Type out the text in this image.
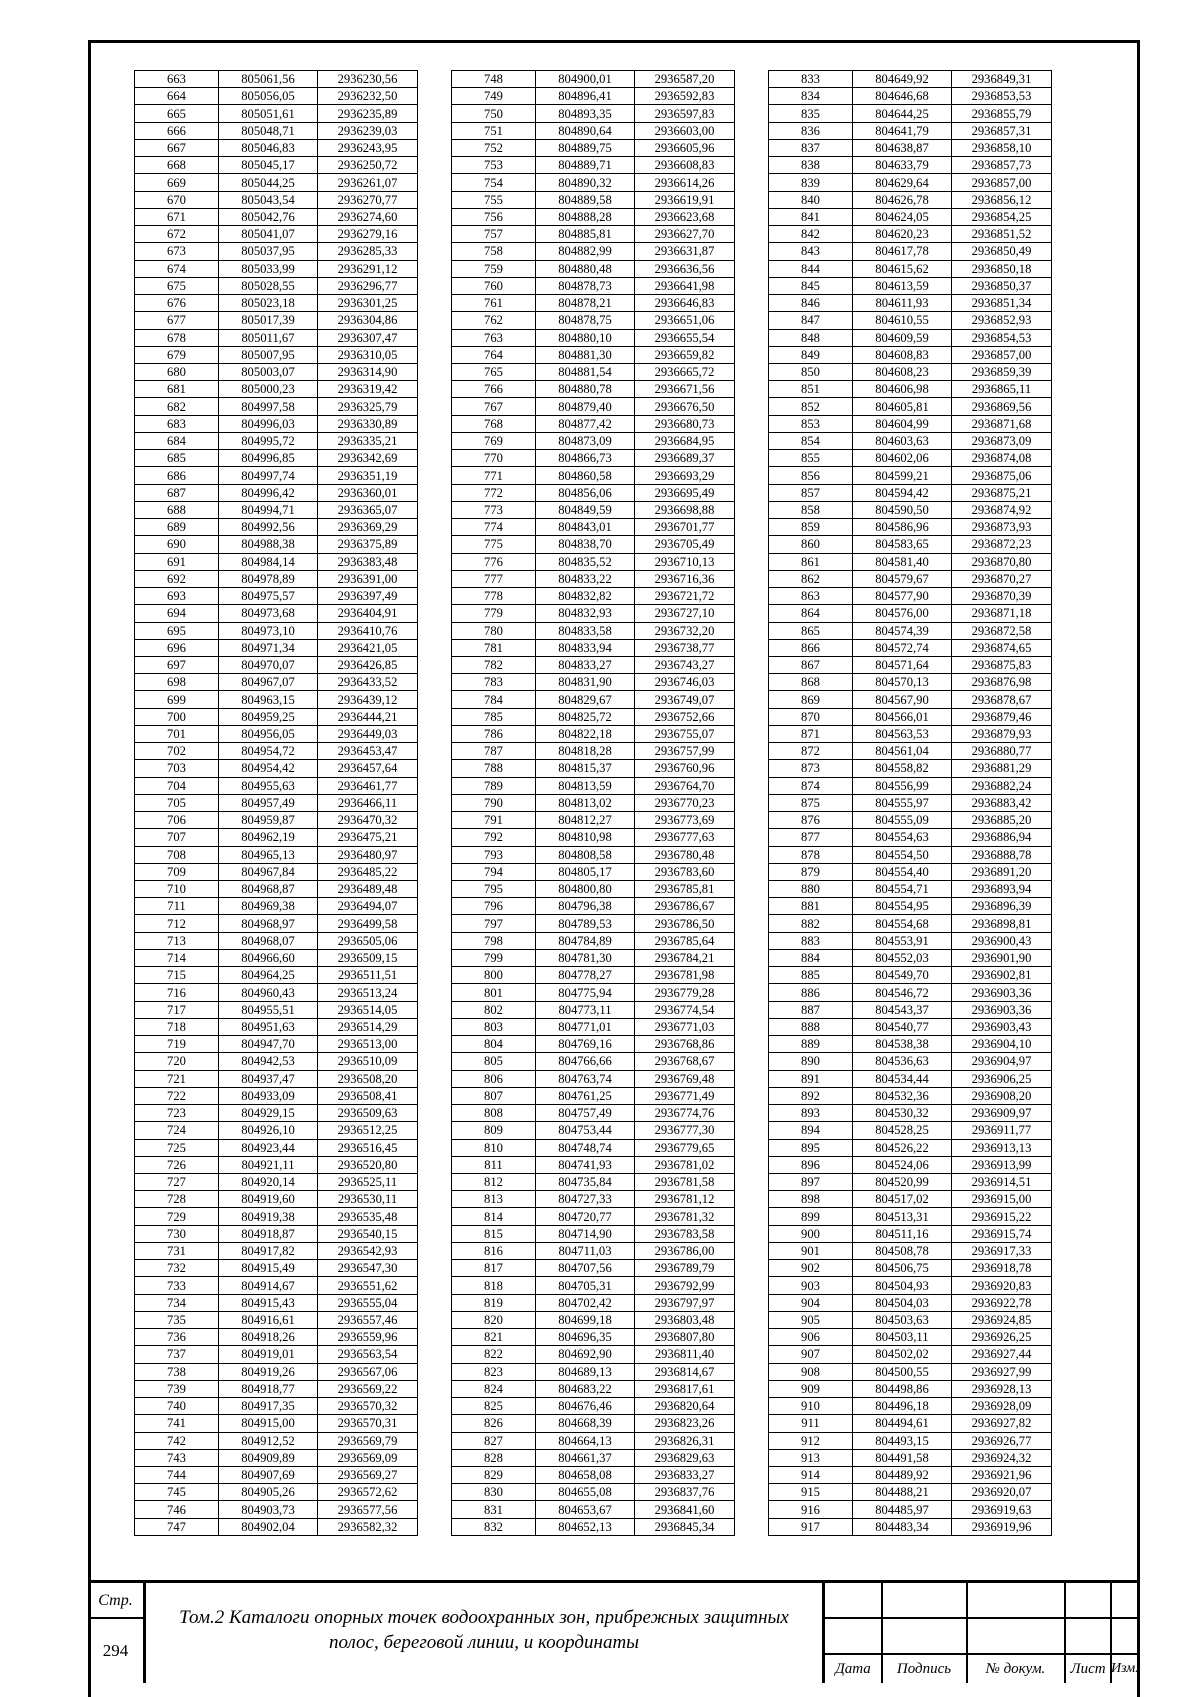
663	805061,56	2936230,56
664	805056,05	2936232,50
665	805051,61	2936235,89
666	805048,71	2936239,03
667	805046,83	2936243,95
668	805045,17	2936250,72
669	805044,25	2936261,07
670	805043,54	2936270,77
671	805042,76	2936274,60
672	805041,07	2936279,16
673	805037,95	2936285,33
674	805033,99	2936291,12
675	805028,55	2936296,77
676	805023,18	2936301,25
677	805017,39	2936304,86
678	805011,67	2936307,47
679	805007,95	2936310,05
680	805003,07	2936314,90
681	805000,23	2936319,42
682	804997,58	2936325,79
683	804996,03	2936330,89
684	804995,72	2936335,21
685	804996,85	2936342,69
686	804997,74	2936351,19
687	804996,42	2936360,01
688	804994,71	2936365,07
689	804992,56	2936369,29
690	804988,38	2936375,89
691	804984,14	2936383,48
692	804978,89	2936391,00
693	804975,57	2936397,49
694	804973,68	2936404,91
695	804973,10	2936410,76
696	804971,34	2936421,05
697	804970,07	2936426,85
698	804967,07	2936433,52
699	804963,15	2936439,12
700	804959,25	2936444,21
701	804956,05	2936449,03
702	804954,72	2936453,47
703	804954,42	2936457,64
704	804955,63	2936461,77
705	804957,49	2936466,11
706	804959,87	2936470,32
707	804962,19	2936475,21
708	804965,13	2936480,97
709	804967,84	2936485,22
710	804968,87	2936489,48
711	804969,38	2936494,07
712	804968,97	2936499,58
713	804968,07	2936505,06
714	804966,60	2936509,15
715	804964,25	2936511,51
716	804960,43	2936513,24
717	804955,51	2936514,05
718	804951,63	2936514,29
719	804947,70	2936513,00
720	804942,53	2936510,09
721	804937,47	2936508,20
722	804933,09	2936508,41
723	804929,15	2936509,63
724	804926,10	2936512,25
725	804923,44	2936516,45
726	804921,11	2936520,80
727	804920,14	2936525,11
728	804919,60	2936530,11
729	804919,38	2936535,48
730	804918,87	2936540,15
731	804917,82	2936542,93
732	804915,49	2936547,30
733	804914,67	2936551,62
734	804915,43	2936555,04
735	804916,61	2936557,46
736	804918,26	2936559,96
737	804919,01	2936563,54
738	804919,26	2936567,06
739	804918,77	2936569,22
740	804917,35	2936570,32
741	804915,00	2936570,31
742	804912,52	2936569,79
743	804909,89	2936569,09
744	804907,69	2936569,27
745	804905,26	2936572,62
746	804903,73	2936577,56
747	804902,04	2936582,32
748	804900,01	2936587,20
749	804896,41	2936592,83
750	804893,35	2936597,83
751	804890,64	2936603,00
752	804889,75	2936605,96
753	804889,71	2936608,83
754	804890,32	2936614,26
755	804889,58	2936619,91
756	804888,28	2936623,68
757	804885,81	2936627,70
758	804882,99	2936631,87
759	804880,48	2936636,56
760	804878,73	2936641,98
761	804878,21	2936646,83
762	804878,75	2936651,06
763	804880,10	2936655,54
764	804881,30	2936659,82
765	804881,54	2936665,72
766	804880,78	2936671,56
767	804879,40	2936676,50
768	804877,42	2936680,73
769	804873,09	2936684,95
770	804866,73	2936689,37
771	804860,58	2936693,29
772	804856,06	2936695,49
773	804849,59	2936698,88
774	804843,01	2936701,77
775	804838,70	2936705,49
776	804835,52	2936710,13
777	804833,22	2936716,36
778	804832,82	2936721,72
779	804832,93	2936727,10
780	804833,58	2936732,20
781	804833,94	2936738,77
782	804833,27	2936743,27
783	804831,90	2936746,03
784	804829,67	2936749,07
785	804825,72	2936752,66
786	804822,18	2936755,07
787	804818,28	2936757,99
788	804815,37	2936760,96
789	804813,59	2936764,70
790	804813,02	2936770,23
791	804812,27	2936773,69
792	804810,98	2936777,63
793	804808,58	2936780,48
794	804805,17	2936783,60
795	804800,80	2936785,81
796	804796,38	2936786,67
797	804789,53	2936786,50
798	804784,89	2936785,64
799	804781,30	2936784,21
800	804778,27	2936781,98
801	804775,94	2936779,28
802	804773,11	2936774,54
803	804771,01	2936771,03
804	804769,16	2936768,86
805	804766,66	2936768,67
806	804763,74	2936769,48
807	804761,25	2936771,49
808	804757,49	2936774,76
809	804753,44	2936777,30
810	804748,74	2936779,65
811	804741,93	2936781,02
812	804735,84	2936781,58
813	804727,33	2936781,12
814	804720,77	2936781,32
815	804714,90	2936783,58
816	804711,03	2936786,00
817	804707,56	2936789,79
818	804705,31	2936792,99
819	804702,42	2936797,97
820	804699,18	2936803,48
821	804696,35	2936807,80
822	804692,90	2936811,40
823	804689,13	2936814,67
824	804683,22	2936817,61
825	804676,46	2936820,64
826	804668,39	2936823,26
827	804664,13	2936826,31
828	804661,37	2936829,63
829	804658,08	2936833,27
830	804655,08	2936837,76
831	804653,67	2936841,60
832	804652,13	2936845,34
833	804649,92	2936849,31
834	804646,68	2936853,53
835	804644,25	2936855,79
836	804641,79	2936857,31
837	804638,87	2936858,10
838	804633,79	2936857,73
839	804629,64	2936857,00
840	804626,78	2936856,12
841	804624,05	2936854,25
842	804620,23	2936851,52
843	804617,78	2936850,49
844	804615,62	2936850,18
845	804613,59	2936850,37
846	804611,93	2936851,34
847	804610,55	2936852,93
848	804609,59	2936854,53
849	804608,83	2936857,00
850	804608,23	2936859,39
851	804606,98	2936865,11
852	804605,81	2936869,56
853	804604,99	2936871,68
854	804603,63	2936873,09
855	804602,06	2936874,08
856	804599,21	2936875,06
857	804594,42	2936875,21
858	804590,50	2936874,92
859	804586,96	2936873,93
860	804583,65	2936872,23
861	804581,40	2936870,80
862	804579,67	2936870,27
863	804577,90	2936870,39
864	804576,00	2936871,18
865	804574,39	2936872,58
866	804572,74	2936874,65
867	804571,64	2936875,83
868	804570,13	2936876,98
869	804567,90	2936878,67
870	804566,01	2936879,46
871	804563,53	2936879,93
872	804561,04	2936880,77
873	804558,82	2936881,29
874	804556,99	2936882,24
875	804555,97	2936883,42
876	804555,09	2936885,20
877	804554,63	2936886,94
878	804554,50	2936888,78
879	804554,40	2936891,20
880	804554,71	2936893,94
881	804554,95	2936896,39
882	804554,68	2936898,81
883	804553,91	2936900,43
884	804552,03	2936901,90
885	804549,70	2936902,81
886	804546,72	2936903,36
887	804543,37	2936903,36
888	804540,77	2936903,43
889	804538,38	2936904,10
890	804536,63	2936904,97
891	804534,44	2936906,25
892	804532,36	2936908,20
893	804530,32	2936909,97
894	804528,25	2936911,77
895	804526,22	2936913,13
896	804524,06	2936913,99
897	804520,99	2936914,51
898	804517,02	2936915,00
899	804513,31	2936915,22
900	804511,16	2936915,74
901	804508,78	2936917,33
902	804506,75	2936918,78
903	804504,93	2936920,83
904	804504,03	2936922,78
905	804503,63	2936924,85
906	804503,11	2936926,25
907	804502,02	2936927,44
908	804500,55	2936927,99
909	804498,86	2936928,13
910	804496,18	2936928,09
911	804494,61	2936927,82
912	804493,15	2936926,77
913	804491,58	2936924,32
914	804489,92	2936921,96
915	804488,21	2936920,07
916	804485,97	2936919,63
917	804483,34	2936919,96
Стр.
294
Том.2 Каталоги опорных точек водоохранных зон, прибрежных защитных полос, береговой линии, и координаты
Дата	Подпись	№ докум.	Лист Изм.
